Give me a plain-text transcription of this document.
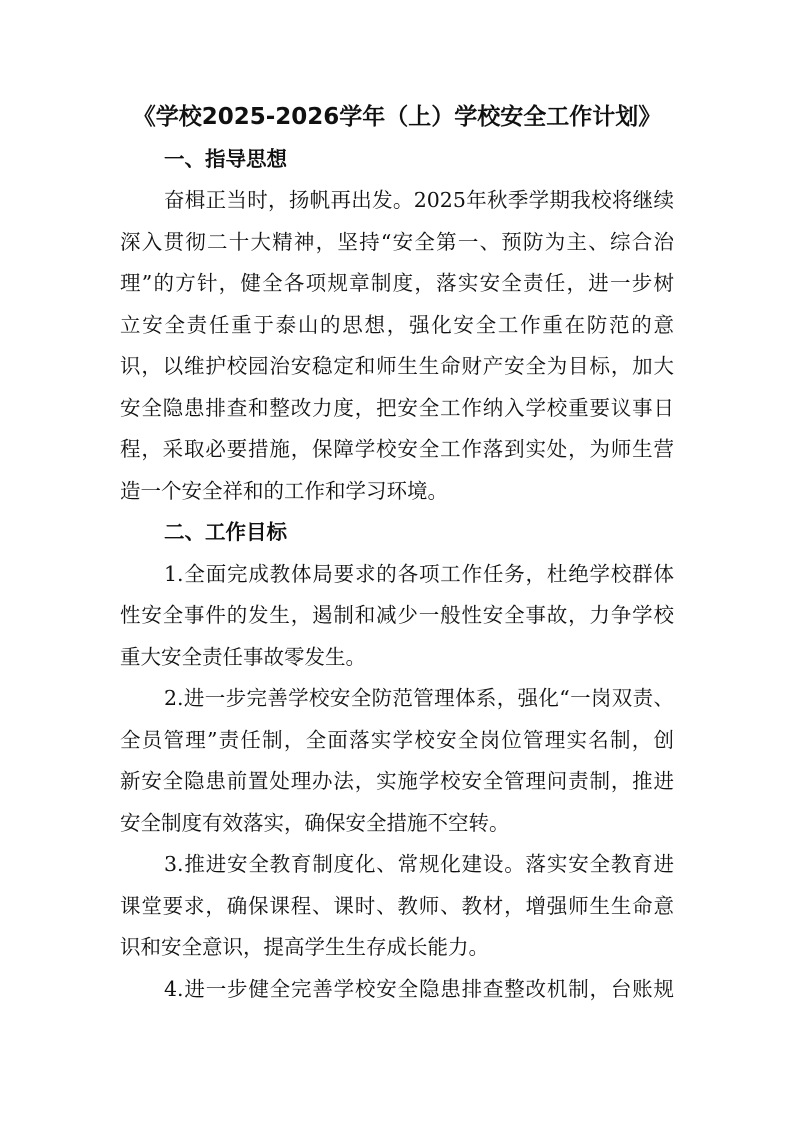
《学校2025-2026学年（上）学校安全工作计划》
一、指导思想
奋楫正当时，扬帆再出发。2025年秋季学期我校将继续
深入贯彻二十大精神，坚持“安全第一、预防为主、综合治
理”的方针，健全各项规章制度，落实安全责任，进一步树
立安全责任重于泰山的思想，强化安全工作重在防范的意
识，以维护校园治安稳定和师生生命财产安全为目标，加大
安全隐患排查和整改力度，把安全工作纳入学校重要议事日
程，采取必要措施，保障学校安全工作落到实处，为师生营
造一个安全祥和的工作和学习环境。
二、工作目标
1.全面完成教体局要求的各项工作任务，杜绝学校群体
性安全事件的发生，遏制和减少一般性安全事故，力争学校
重大安全责任事故零发生。
2.进一步完善学校安全防范管理体系，强化“一岗双责、
全员管理”责任制，全面落实学校安全岗位管理实名制，创
新安全隐患前置处理办法，实施学校安全管理问责制，推进
安全制度有效落实，确保安全措施不空转。
3.推进安全教育制度化、常规化建设。落实安全教育进
课堂要求，确保课程、课时、教师、教材，增强师生生命意
识和安全意识，提高学生生存成长能力。
4.进一步健全完善学校安全隐患排查整改机制，台账规
